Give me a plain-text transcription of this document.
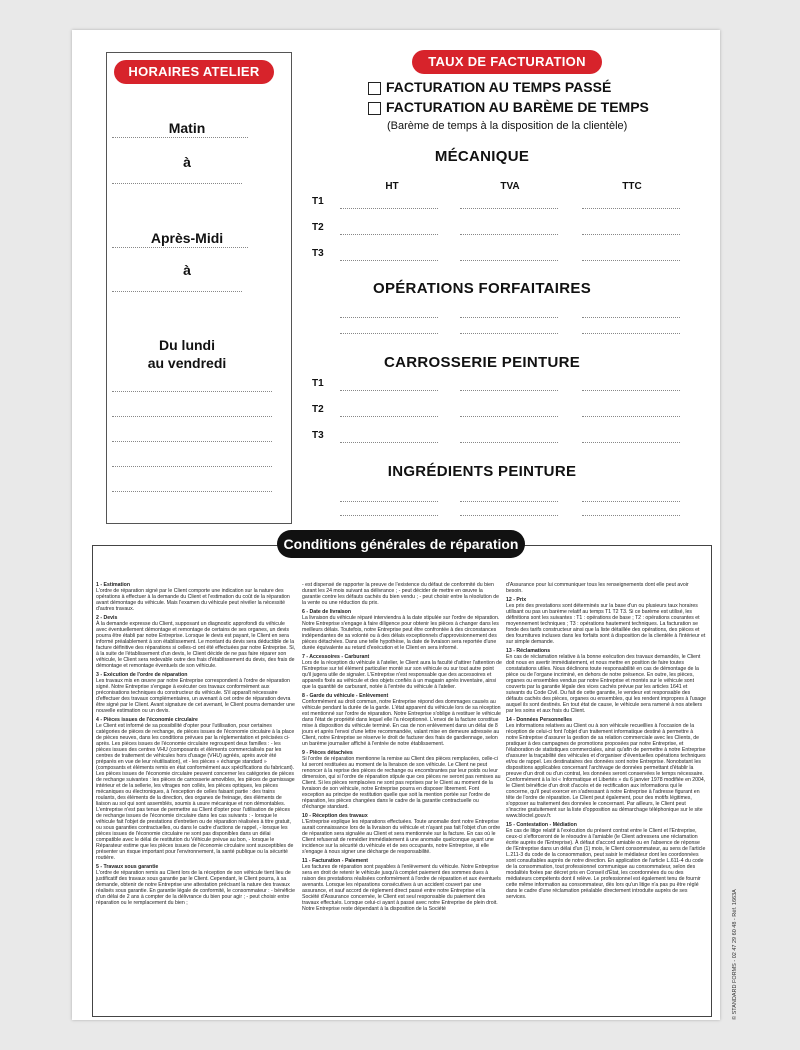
HORAIRES ATELIER
Matin
à
Après-Midi
à
Du lundi
au vendredi
TAUX DE FACTURATION
FACTURATION AU TEMPS PASSÉ
FACTURATION AU BARÈME DE TEMPS
(Barème de temps à la disposition de la clientèle)
MÉCANIQUE
HT	TVA	TTC
T1
T2
T3
OPÉRATIONS FORFAITAIRES
CARROSSERIE PEINTURE
T1
T2
T3
INGRÉDIENTS PEINTURE
Conditions générales de réparation

1 - Estimation
L'ordre de réparation signé par le Client comporte une indication sur la nature des opérations à effectuer à la demande du Client et l'estimation du coût de la réparation avant démontage du véhicule. Mais l'examen du véhicule peut révéler la nécessité d'autres travaux.

2 - Devis
À la demande expresse du Client, supposant un diagnostic approfondi du véhicule avec éventuellement démontage et remontage de certains de ses organes, un devis pourra être établi par notre Entreprise. Lorsque le devis est payant, le Client en sera informé préalablement à son établissement. Le montant du devis sera déductible de la facture définitive des réparations si celles-ci ont été effectuées par notre Entreprise. Si, à la suite de l'établissement d'un devis, le Client décide de ne pas faire réparer son véhicule, le Client sera redevable outre des frais d'établissement du devis, des frais de démontage et remontage éventuels de son véhicule.

3 - Exécution de l'ordre de réparation
Les travaux mis en œuvre par notre Entreprise correspondent à l'ordre de réparation signé. Notre Entreprise s'engage à exécuter ces travaux conformément aux préconisations techniques du constructeur du véhicule. S'il apparaît nécessaire d'effectuer des travaux complémentaires, un avenant à cet ordre de réparation devra être signé par le Client. Avant signature de cet avenant, le Client pourra demander une nouvelle estimation ou un devis.

4 - Pièces issues de l'économie circulaire
Le Client est informé de sa possibilité d'opter pour l'utilisation, pour certaines catégories de pièces de rechange, de pièces issues de l'économie circulaire à la place de pièces neuves, dans les conditions prévues par la réglementation et précisées ci-après. Les pièces issues de l'économie circulaire regroupent deux familles : - les pièces issues des centres VHU (composants et éléments commercialisés par les centres de traitement de véhicules hors d'usage (VHU) agréés, après avoir été préparés en vue de leur réutilisation), et - les pièces « échange standard » (composants et éléments remis en état conformément aux spécifications du fabricant). Les pièces issues de l'économie circulaire peuvent concerner les catégories de pièces de rechange suivantes : les pièces de carrosserie amovibles, les pièces de garnissage intérieur et de la sellerie, les vitrages non collés, les pièces optiques, les pièces mécaniques ou électroniques, à l'exception de celles faisant partie : des trains roulants, des éléments de la direction, des organes de freinage, des éléments de liaison au sol qui sont assemblés, soumis à usure mécanique et non démontables. L'entreprise n'est pas tenue de permettre au Client d'opter pour l'utilisation de pièces de rechange issues de l'économie circulaire dans les cas suivants : - lorsque le véhicule fait l'objet de prestations d'entretien ou de réparation réalisées à titre gratuit, ou sous garanties contractuelles, ou dans le cadre d'actions de rappel, - lorsque les pièces issues de l'économie circulaire ne sont pas disponibles dans un délai compatible avec le délai de restitution du Véhicule prévue au bon, - lorsque le Réparateur estime que les pièces issues de l'économie circulaire sont susceptibles de présenter un risque important pour l'environnement, la santé publique ou la sécurité routière.

5 - Travaux sous garantie
L'ordre de réparation remis au Client lors de la réception de son véhicule tient lieu de justificatif des travaux sous garantie par le Client. Cependant, le Client pourra, à sa demande, obtenir de notre Entreprise une attestation précisant la nature des travaux réalisés sous garantie. En garantie légale de conformité, le consommateur : - bénéficie d'un délai de 2 ans à compter de la délivrance du bien pour agir ; - peut choisir entre réparation ou le remplacement du bien ;

- est dispensé de rapporter la preuve de l'existence du défaut de conformité du bien durant les 24 mois suivant sa délivrance ; - peut décider de mettre en œuvre la garantie contre les défauts cachés du bien vendu ; - peut choisir entre la résolution de la vente ou une réduction du prix.

6 - Date de livraison
La livraison du véhicule réparé interviendra à la date stipulée sur l'ordre de réparation. Notre Entreprise s'engage à faire diligence pour obtenir les pièces à changer dans les meilleurs délais. Toutefois, notre Entreprise peut être confrontée à des circonstances indépendantes de sa volonté ou à des délais exceptionnels d'approvisionnement des pièces détachées. Dans une telle hypothèse, la date de livraison sera reportée d'une durée équivalente au retard d'exécution et le Client en sera informé.

7 - Accessoires - Carburant
Lors de la réception du véhicule à l'atelier, le Client aura la faculté d'attirer l'attention de l'Entreprise sur tel élément particulier monté sur son véhicule ou sur tout autre point qu'il jugera utile de signaler. L'Entreprise n'est responsable que des accessoires et appareils fixés au véhicule et des objets confiés à un magasin après inventaire, ainsi que la quantité de carburant, notée à l'entrée du véhicule à l'atelier.

8 - Garde du véhicule - Enlèvement
Conformément au droit commun, notre Entreprise répond des dommages causés au véhicule pendant la durée de la garde. L'état apparent du véhicule lors de sa réception est mentionné sur l'ordre de réparation. Notre Entreprise s'oblige à restituer le véhicule dans l'état de propriété dans lequel elle l'a réceptionné. L'envoi de la facture constitue mise à disposition du véhicule terminé. En cas de non enlèvement dans un délai de 8 jours et après l'envoi d'une lettre recommandée, valant mise en demeure adressée au Client, notre Entreprise se réserve le droit de facturer des frais de gardiennage, selon un barème journalier affiché à l'entrée de notre établissement.

9 - Pièces détachées
Si l'ordre de réparation mentionne la remise au Client des pièces remplacées, celle-ci lui seront restituées au moment de la livraison de son véhicule. Le Client ne peut renoncer à la reprise des pièces de rechange ou encombrantes par leur poids ou leur dimension, qui si l'ordre de réparation stipule que ces pièces ne seront pas remises au Client. Si les pièces remplacées ne sont pas reprises par le Client au moment de la livraison de son véhicule, notre Entreprise pourra en disposer librement. Font exception au principe de restitution quelle que soit la mention portée sur l'ordre de réparation, les pièces changées dans le cadre de la garantie contractuelle ou d'échange standard.

10 - Réception des travaux
L'Entreprise explique les réparations effectuées. Toute anomalie dont notre Entreprise aurait connaissance lors de la livraison du véhicule et n'ayant pas fait l'objet d'un ordre de réparation sera signalée au Client et sera mentionnée sur la facture. En cas où le Client refuserait de remédier immédiatement à une anomalie quelconque ayant une incidence sur la sécurité du véhicule et de ses occupants, notre Entreprise, si elle s'engage à nous signer une décharge de responsabilité.

11 - Facturation - Paiement
Les factures de réparation sont payables à l'enlèvement du véhicule. Notre Entreprise sera en droit de retenir le véhicule jusqu'à complet paiement des sommes dues à raison des prestations réalisées conformément à l'ordre de réparation et aux éventuels avenants. Lorsque les réparations consécutives à un accident couvert par une assurance, et sauf accord de règlement direct passé entre notre Entreprise et la Société d'Assurance concernée, le Client est seul responsable du paiement des travaux effectués. Lorsque celui-ci ayant à passé avec notre Entreprise de plein droit. Notre Entreprise reste dépendant à la disposition de la Société

d'Assurance pour lui communiquer tous les renseignements dont elle peut avoir besoin.

12 - Prix
Les prix des prestations sont déterminés sur la base d'un ou plusieurs taux horaires utilisant ou pas un barème relatif au temps T1 T2 T3. Si ce barème est utilisé, les définitions sont les suivantes : T1 : opérations de base ; T2 : opérations courantes et moyennement techniques ; T3 : opérations hautement techniques. La facturation se fonde des tarifs constructeur ainsi que la liste détaillée des opérations, des pièces et des fournitures incluses dans les forfaits sont à disposition de la clientèle à l'intérieur et sur simple demande.

13 - Réclamations
En cas de réclamation relative à la bonne exécution des travaux demandés, le Client doit nous en avertir immédiatement, et nous mettre en position de faire toutes constatations utiles. Nous déclinons toute responsabilité en cas de démontage de la pièce ou de l'organe incriminé, en dehors de notre présence. En outre, les pièces, organes ou ensembles vendus par notre Entreprise et montés sur le véhicule sont couverts par la garantie légale des vices cachés prévue par les articles 1641 et suivants du Code Civil. Du fait de cette garantie, le vendeur est responsable des défauts cachés des pièces, organes ou ensembles, qui les rendent impropres à l'usage auquel ils sont destinés. En tout état de cause, le véhicule sera ramené à nos ateliers par les soins et aux frais du Client.

14 - Données Personnelles
Les informations relatives au Client ou à son véhicule recueillies à l'occasion de la réception de celui-ci font l'objet d'un traitement informatique destiné à permettre à notre Entreprise d'assurer la gestion de sa relation commerciale avec les Clients, de pratiquer à des campagnes de promotions proposées par notre Entreprise, et l'élaboration de statistiques commerciales, ainsi qu'afin de permettre à notre Entreprise d'assurer la traçabilité des véhicules et d'organiser d'éventuelles opérations techniques et/ou de rappel. Les destinataires des données sont notre Entreprise. Nonobstant les dispositions applicables concernant l'archivage de données permettant d'établir la preuve d'un droit ou d'un contrat, les données seront conservées le temps nécessaire. Conformément à la loi « Informatique et Libertés » du 6 janvier 1978 modifiée en 2004, le Client bénéficie d'un droit d'accès et de rectification aux informations qui le concerne, qu'il peut exercer en s'adressant à notre Entreprise à l'adresse figurant en tête de l'ordre de réparation. Le Client peut également, pour des motifs légitimes, s'opposer au traitement des données le concernant. Par ailleurs, le Client peut s'inscrire gratuitement sur la liste d'opposition au démarchage téléphonique sur le site www.bloctel.gouv.fr.

15 - Contestation - Médiation
En cas de litige relatif à l'exécution du présent contrat entre le Client et l'Entreprise, ceux-ci s'efforceront de le résoudre à l'amiable (le Client adressera une réclamation écrite auprès de l'Entreprise). À défaut d'accord amiable ou en l'absence de réponse de l'Entreprise dans un délai d'un (1) mois, le Client consommateur, au sens de l'article L.211-3 du code de la consommation, peut saisir le médiateur dont les coordonnées sont consultables auprès de notre direction. En application de l'article L.611-4 du code de la consommation, tout professionnel communique au consommateur, selon des modalités fixées par décret pris en Conseil d'État, les coordonnées du ou des médiateurs compétents dont il relève. Le professionnel est également tenu de fournir cette même information au consommateur, dès lors qu'un litige n'a pas pu être réglé dans le cadre d'une réclamation préalable directement introduite auprès de ses services.	© STANDARD FORMS - 02 47 29 60 48 - Réf. 1663A
